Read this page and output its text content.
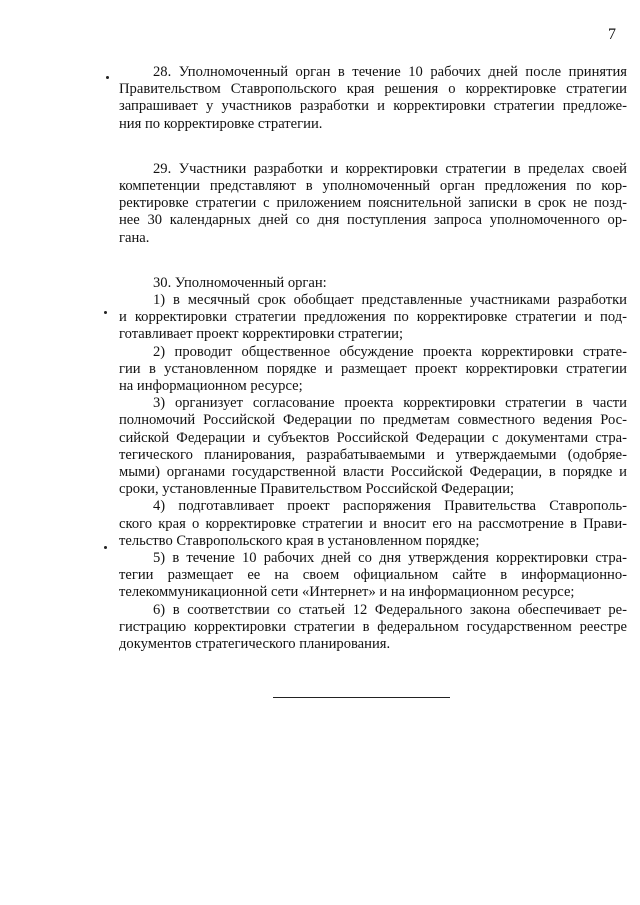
7
28. Уполномоченный орган в течение 10 рабочих дней после принятия
Правительством Ставропольского края решения о корректировке стратегии
запрашивает у участников разработки и корректировки стратегии предложе-
ния по корректировке стратегии.
29. Участники разработки и корректировки стратегии в пределах своей
компетенции представляют в уполномоченный орган предложения по кор-
ректировке стратегии с приложением пояснительной записки в срок не позд-
нее 30 календарных дней со дня поступления запроса уполномоченного ор-
гана.
30. Уполномоченный орган:
1) в месячный срок обобщает представленные участниками разработки
и корректировки стратегии предложения по корректировке стратегии и под-
готавливает проект корректировки стратегии;
2) проводит общественное обсуждение проекта корректировки страте-
гии в установленном порядке и размещает проект корректировки стратегии
на информационном ресурсе;
3) организует согласование проекта корректировки стратегии в части
полномочий Российской Федерации по предметам совместного ведения Рос-
сийской Федерации и субъектов Российской Федерации с документами стра-
тегического планирования, разрабатываемыми и утверждаемыми (одобряе-
мыми) органами государственной власти Российской Федерации, в порядке и
сроки, установленные Правительством Российской Федерации;
4) подготавливает проект распоряжения Правительства Ставрополь-
ского края о корректировке стратегии и вносит его на рассмотрение в Прави-
тельство Ставропольского края в установленном порядке;
5) в течение 10 рабочих дней со дня утверждения корректировки стра-
тегии размещает ее на своем официальном сайте в информационно-
телекоммуникационной сети «Интернет» и на информационном ресурсе;
6) в соответствии со статьей 12 Федерального закона обеспечивает ре-
гистрацию корректировки стратегии в федеральном государственном реестре
документов стратегического планирования.
